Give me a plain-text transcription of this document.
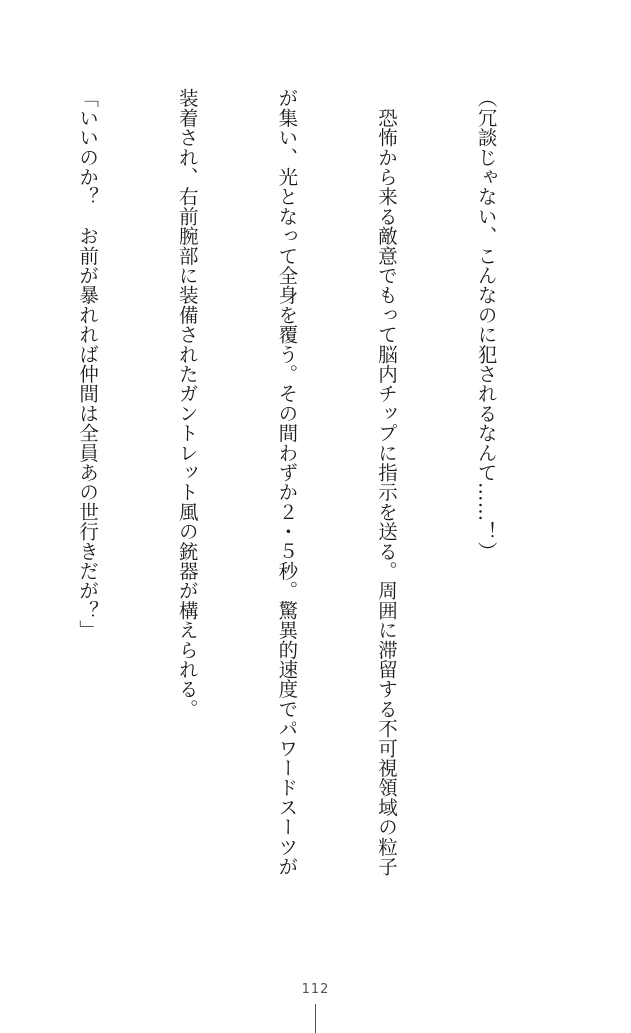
（冗談じゃない、こんなのに犯されるなんて……！）

　恐怖から来る敵意でもって脳内チップに指示を送る。周囲に滞留する不可視領域の粒子

が集い、光となって全身を覆う。その間わずか２・５秒。驚異的速度でパワードスーツが

装着され、右前腕部に装備されたガントレット風の銃器が構えられる。

「いいのか？　お前が暴れれば仲間は全員あの世行きだが？」

112
